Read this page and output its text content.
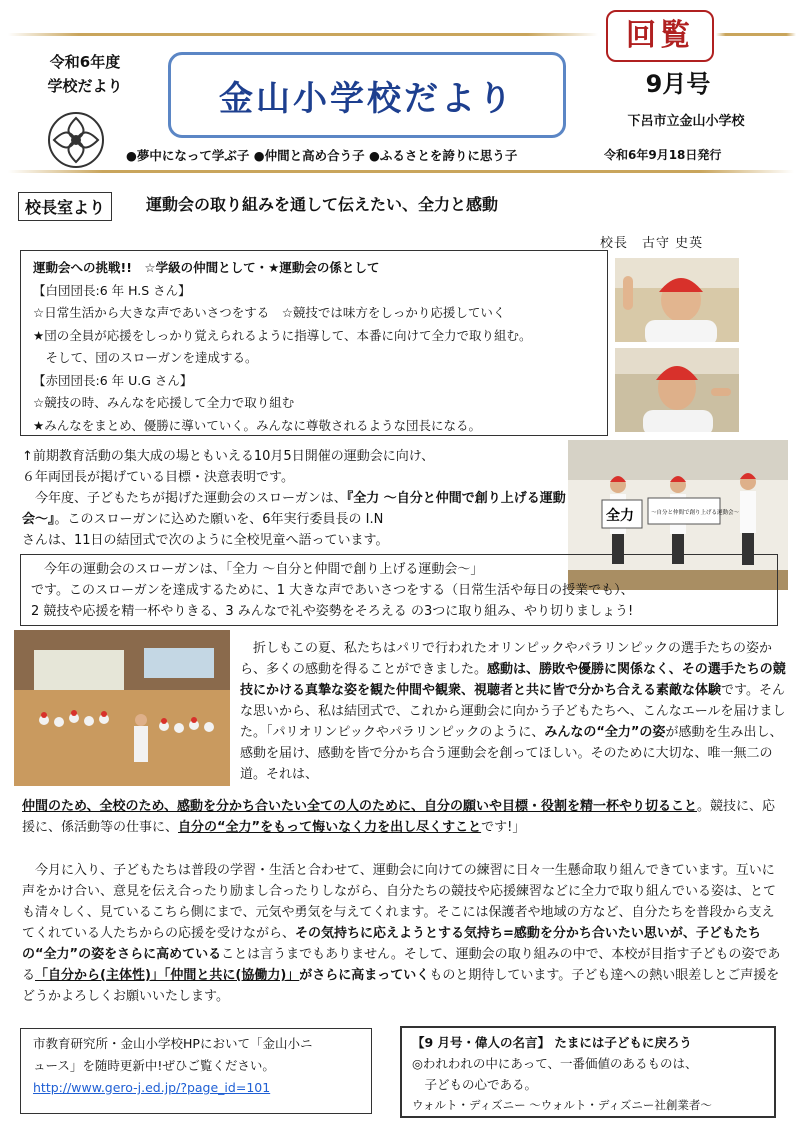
令和6年度
学校だより	金山小学校だより
回覧
9月号
下呂市立金山小学校
●夢中になって学ぶ子 ●仲間と高め合う子 ●ふるさとを誇りに思う子	令和6年9月18日発行
校長室より	運動会の取り組みを通して伝えたい、全力と感動
校長　古守 史英
運動会への挑戦!!　☆学級の仲間として・★運動会の係として
【白団団長:6 年 H.S さん】
☆日常生活から大きな声であいさつをする　☆競技では味方をしっかり応援していく
★団の全員が応援をしっかり覚えられるように指導して、本番に向けて全力で取り組む。
　そして、団のスローガンを達成する。
【赤団団長:6 年 U.G さん】
☆競技の時、みんなを応援して全力で取り組む
★みんなをまとめ、優勝に導いていく。みんなに尊敬されるような団長になる。
全力	～自分と仲間で創り上げる運動会～
↑前期教育活動の集大成の場ともいえる10月5日開催の運動会に向け、
６年両団長が掲げている目標・決意表明です。
　今年度、子どもたちが掲げた運動会のスローガンは、『全力 ～自分と仲間で創り上げる運動会～』。このスローガンに込めた願いを、6年実行委員長の I.N
さんは、11日の結団式で次のように全校児童へ語っています。
　今年の運動会のスローガンは、「全力 ～自分と仲間で創り上げる運動会～」
です。このスローガンを達成するために、1 大きな声であいさつをする（日常生活や毎日の授業でも）、
2 競技や応援を精一杯やりきる、3 みんなで礼や姿勢をそろえる の3つに取り組み、やり切りましょう!
　折しもこの夏、私たちはパリで行われたオリンピックやパラリンピックの選手たちの姿から、多くの感動を得ることができました。感動は、勝敗や優勝に関係なく、その選手たちの競技にかける真摯な姿を観た仲間や観衆、視聴者と共に皆で分かち合える素敵な体験です。そんな思いから、私は結団式で、これから運動会に向かう子どもたちへ、こんなエールを届けました。「パリオリンピックやパラリンピックのように、みんなの“全力”の姿が感動を生み出し、感動を届け、感動を皆で分かち合う運動会を創ってほしい。そのために大切な、唯一無二の道。それは、
仲間のため、全校のため、感動を分かち合いたい全ての人のために、自分の願いや目標・役割を精一杯やり切ること。競技に、応援に、係活動等の仕事に、自分の“全力”をもって悔いなく力を出し尽くすことです!」
　今月に入り、子どもたちは普段の学習・生活と合わせて、運動会に向けての練習に日々一生懸命取り組んできています。互いに声をかけ合い、意見を伝え合ったり励まし合ったりしながら、自分たちの競技や応援練習などに全力で取り組んでいる姿は、とても清々しく、見ているこちら側にまで、元気や勇気を与えてくれます。そこには保護者や地域の方など、自分たちを普段から支えてくれている人たちからの応援を受けながら、その気持ちに応えようとする気持ち=感動を分かち合いたい思いが、子どもたちの“全力”の姿をさらに高めていることは言うまでもありません。そして、運動会の取り組みの中で、本校が目指す子どもの姿である「自分から(主体性)」「仲間と共に(協働力)」がさらに高まっていくものと期待しています。子ども達への熱い眼差しとご声援をどうかよろしくお願いいたします。
市教育研究所・金山小学校HPにおいて「金山小ニ
ュース」を随時更新中!ぜひご覧ください。
http://www.gero-j.ed.jp/?page_id=101
【9 月号・偉人の名言】 たまには子どもに戻ろう
◎われわれの中にあって、一番価値のあるものは、
　子どもの心である。
ウォルト・ディズニー ～ウォルト・ディズニー社創業者～
